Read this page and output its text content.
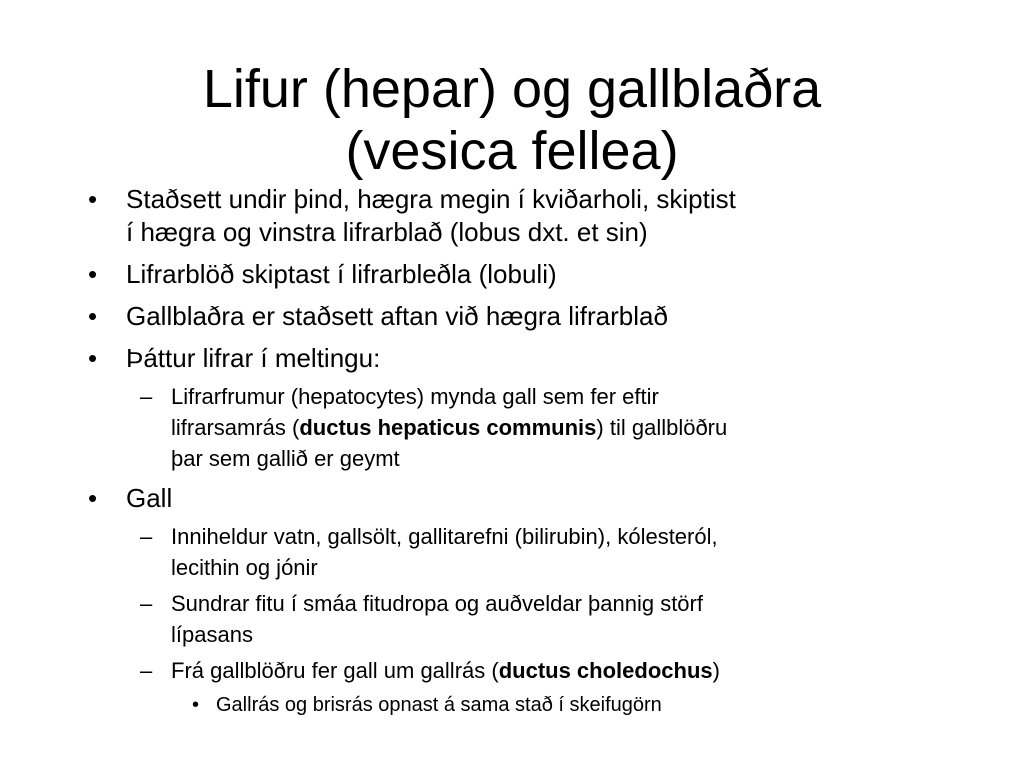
Lifur (hepar) og gallblaðra
(vesica fellea)
•	Staðsett undir þind, hægra megin í kviðarholi, skiptist
í hægra og vinstra lifrarblað (lobus dxt. et sin)
•	Lifrarblöð skiptast í lifrarbleðla (lobuli)
•	Gallblaðra er staðsett aftan við hægra lifrarblað
•	Þáttur lifrar í meltingu:
– Lifrarfrumur (hepatocytes) mynda gall sem fer eftir
lifrarsamrás (ductus hepaticus communis) til gallblöðru
þar sem gallið er geymt
•	Gall
– Inniheldur vatn, gallsölt, gallitarefni (bilirubin), kólesteról,
lecithin og jónir
– Sundrar fitu í smáa fitudropa og auðveldar þannig störf
lípasans
– Frá gallblöðru fer gall um gallrás (ductus choledochus)
• Gallrás og brisrás opnast á sama stað í skeifugörn
